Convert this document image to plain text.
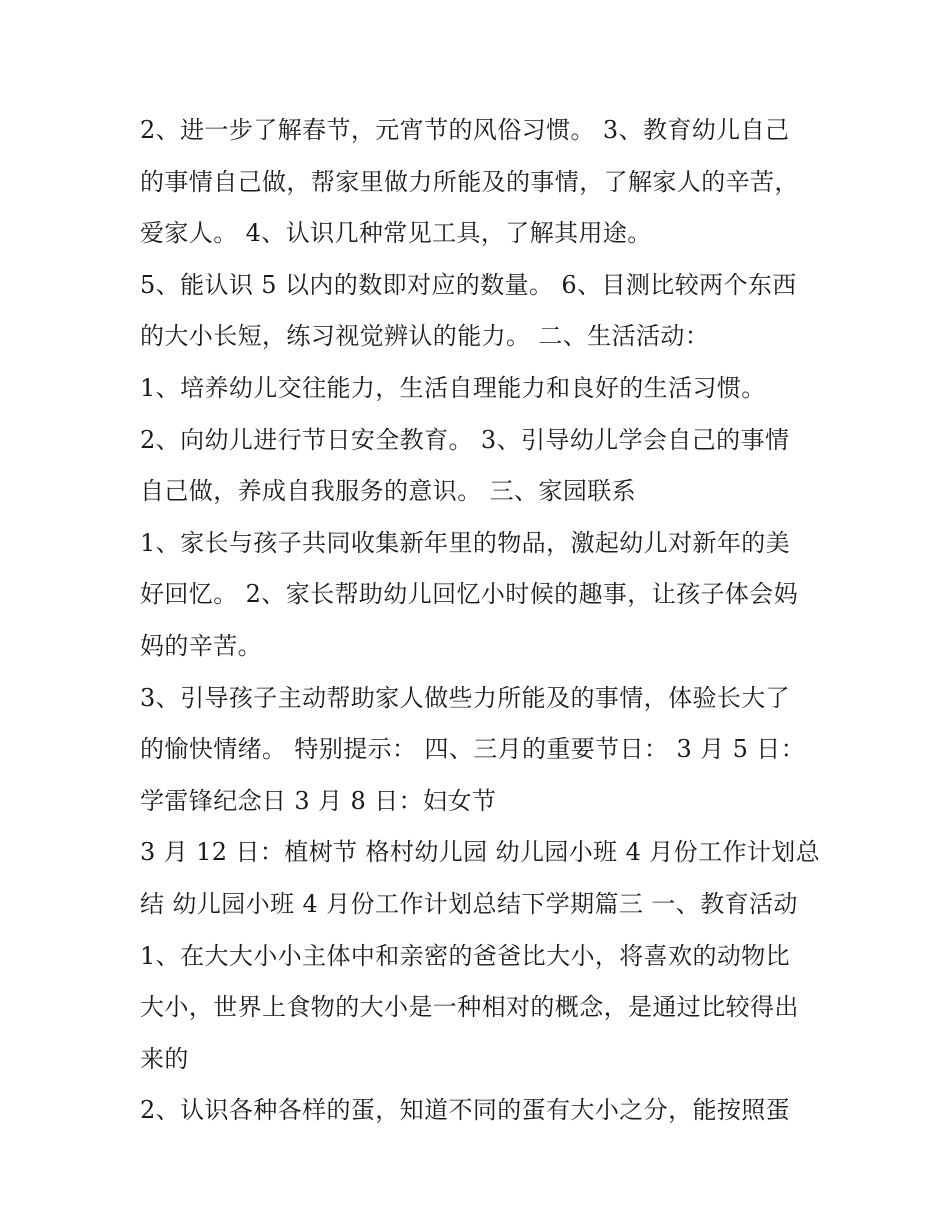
2、进一步了解春节，元宵节的风俗习惯。 3、教育幼儿自己
的事情自己做，帮家里做力所能及的事情，了解家人的辛苦，
爱家人。 4、认识几种常见工具，了解其用途。
5、能认识 5 以内的数即对应的数量。 6、目测比较两个东西
的大小长短，练习视觉辨认的能力。 二、生活活动：
1、培养幼儿交往能力，生活自理能力和良好的生活习惯。
2、向幼儿进行节日安全教育。 3、引导幼儿学会自己的事情
自己做，养成自我服务的意识。 三、家园联系
1、家长与孩子共同收集新年里的物品，激起幼儿对新年的美
好回忆。 2、家长帮助幼儿回忆小时候的趣事，让孩子体会妈
妈的辛苦。
3、引导孩子主动帮助家人做些力所能及的事情，体验长大了
的愉快情绪。 特别提示： 四、三月的重要节日： 3 月 5 日：
学雷锋纪念日 3 月 8 日：妇女节
3 月 12 日：植树节 格村幼儿园 幼儿园小班 4 月份工作计划总
结 幼儿园小班 4 月份工作计划总结下学期篇三 一、教育活动
1、在大大小小主体中和亲密的爸爸比大小，将喜欢的动物比
大小，世界上食物的大小是一种相对的概念，是通过比较得出
来的
2、认识各种各样的蛋，知道不同的蛋有大小之分，能按照蛋
